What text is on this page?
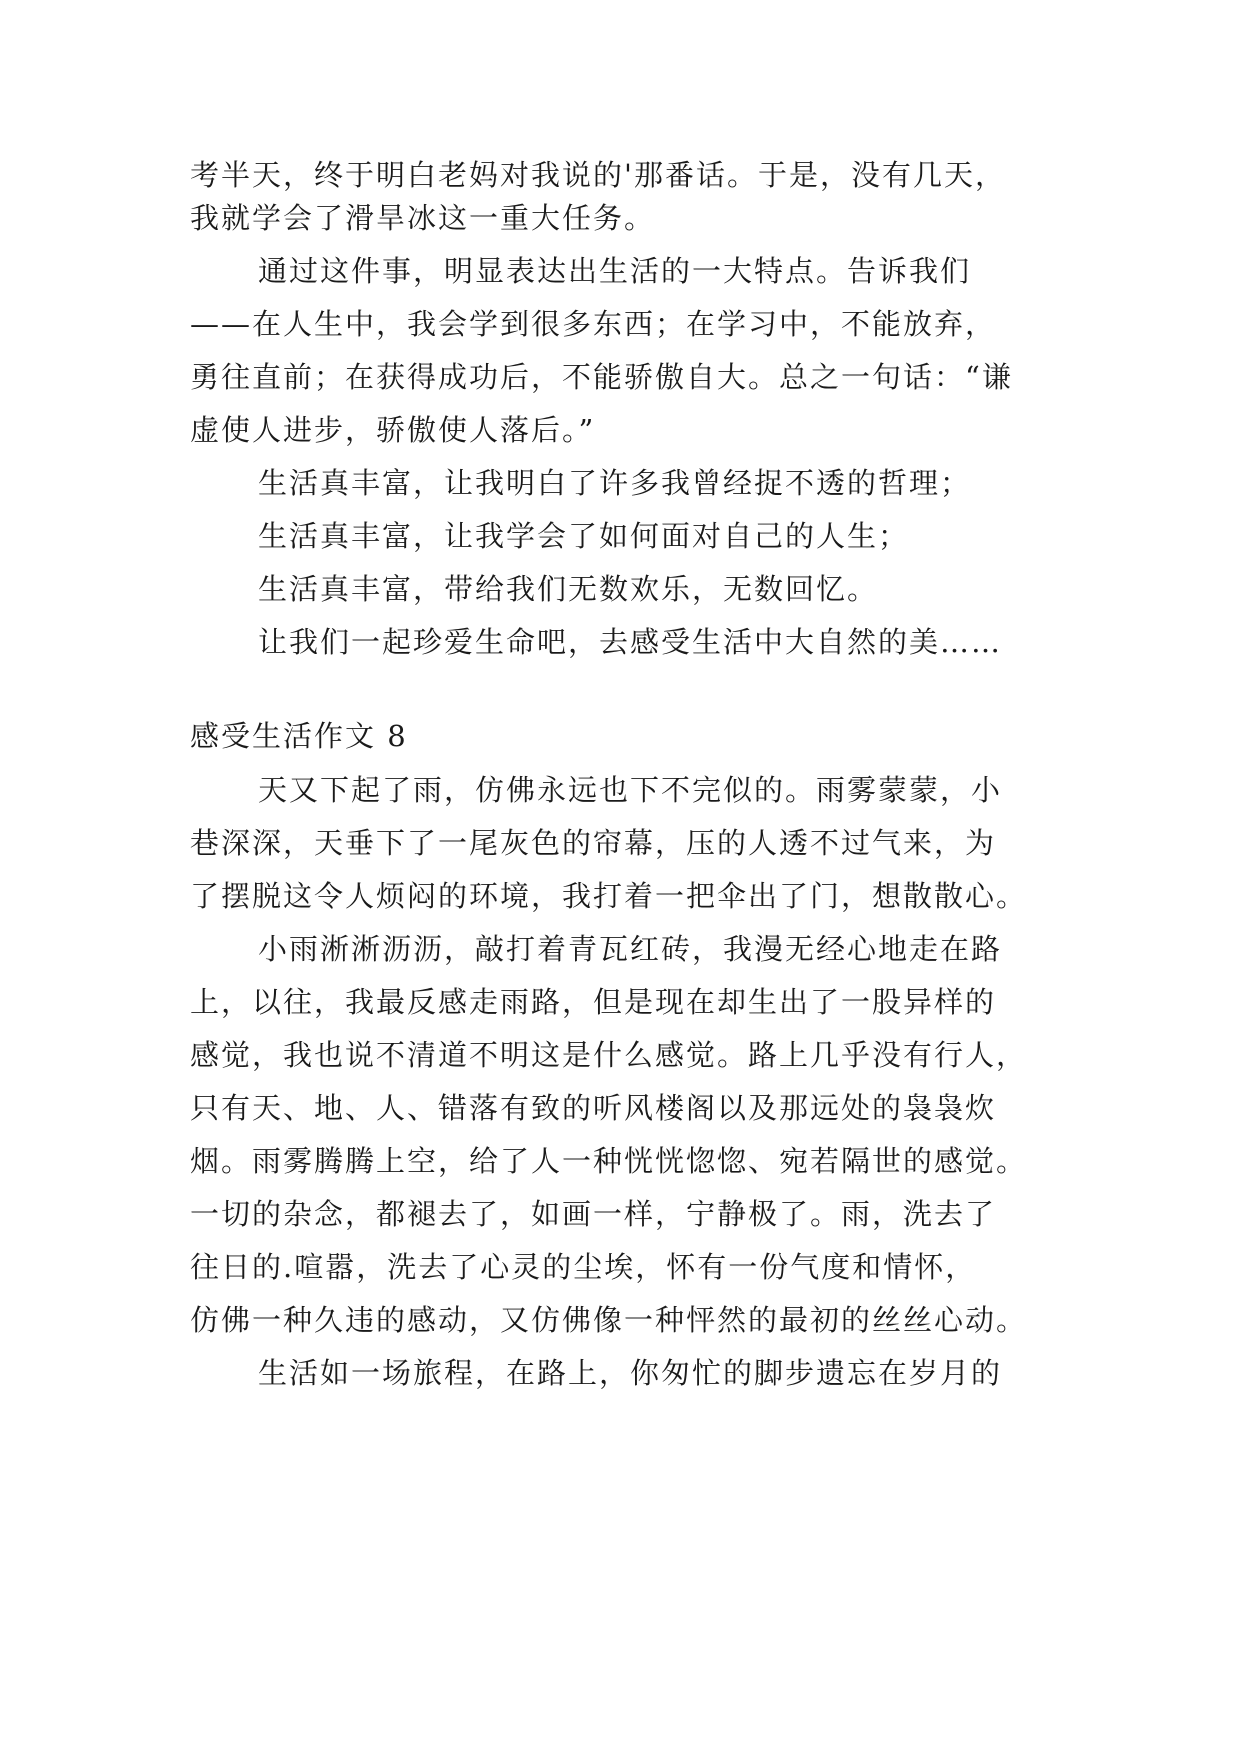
考半天，终于明白老妈对我说的'那番话。于是，没有几天，
我就学会了滑旱冰这一重大任务。
通过这件事，明显表达出生活的一大特点。告诉我们
——在人生中，我会学到很多东西；在学习中，不能放弃，
勇往直前；在获得成功后，不能骄傲自大。总之一句话：“谦
虚使人进步，骄傲使人落后。”
生活真丰富，让我明白了许多我曾经捉不透的哲理；
生活真丰富，让我学会了如何面对自己的人生；
生活真丰富，带给我们无数欢乐，无数回忆。
让我们一起珍爱生命吧，去感受生活中大自然的美……
感受生活作文 8
天又下起了雨，仿佛永远也下不完似的。雨雾蒙蒙，小
巷深深，天垂下了一尾灰色的帘幕，压的人透不过气来，为
了摆脱这令人烦闷的环境，我打着一把伞出了门，想散散心。
小雨淅淅沥沥，敲打着青瓦红砖，我漫无经心地走在路
上，以往，我最反感走雨路，但是现在却生出了一股异样的
感觉，我也说不清道不明这是什么感觉。路上几乎没有行人，
只有天、地、人、错落有致的听风楼阁以及那远处的袅袅炊
烟。雨雾腾腾上空，给了人一种恍恍惚惚、宛若隔世的感觉。
一切的杂念，都褪去了，如画一样，宁静极了。雨，洗去了
往日的.喧嚣，洗去了心灵的尘埃，怀有一份气度和情怀，
仿佛一种久违的感动，又仿佛像一种怦然的最初的丝丝心动。
生活如一场旅程，在路上，你匆忙的脚步遗忘在岁月的
